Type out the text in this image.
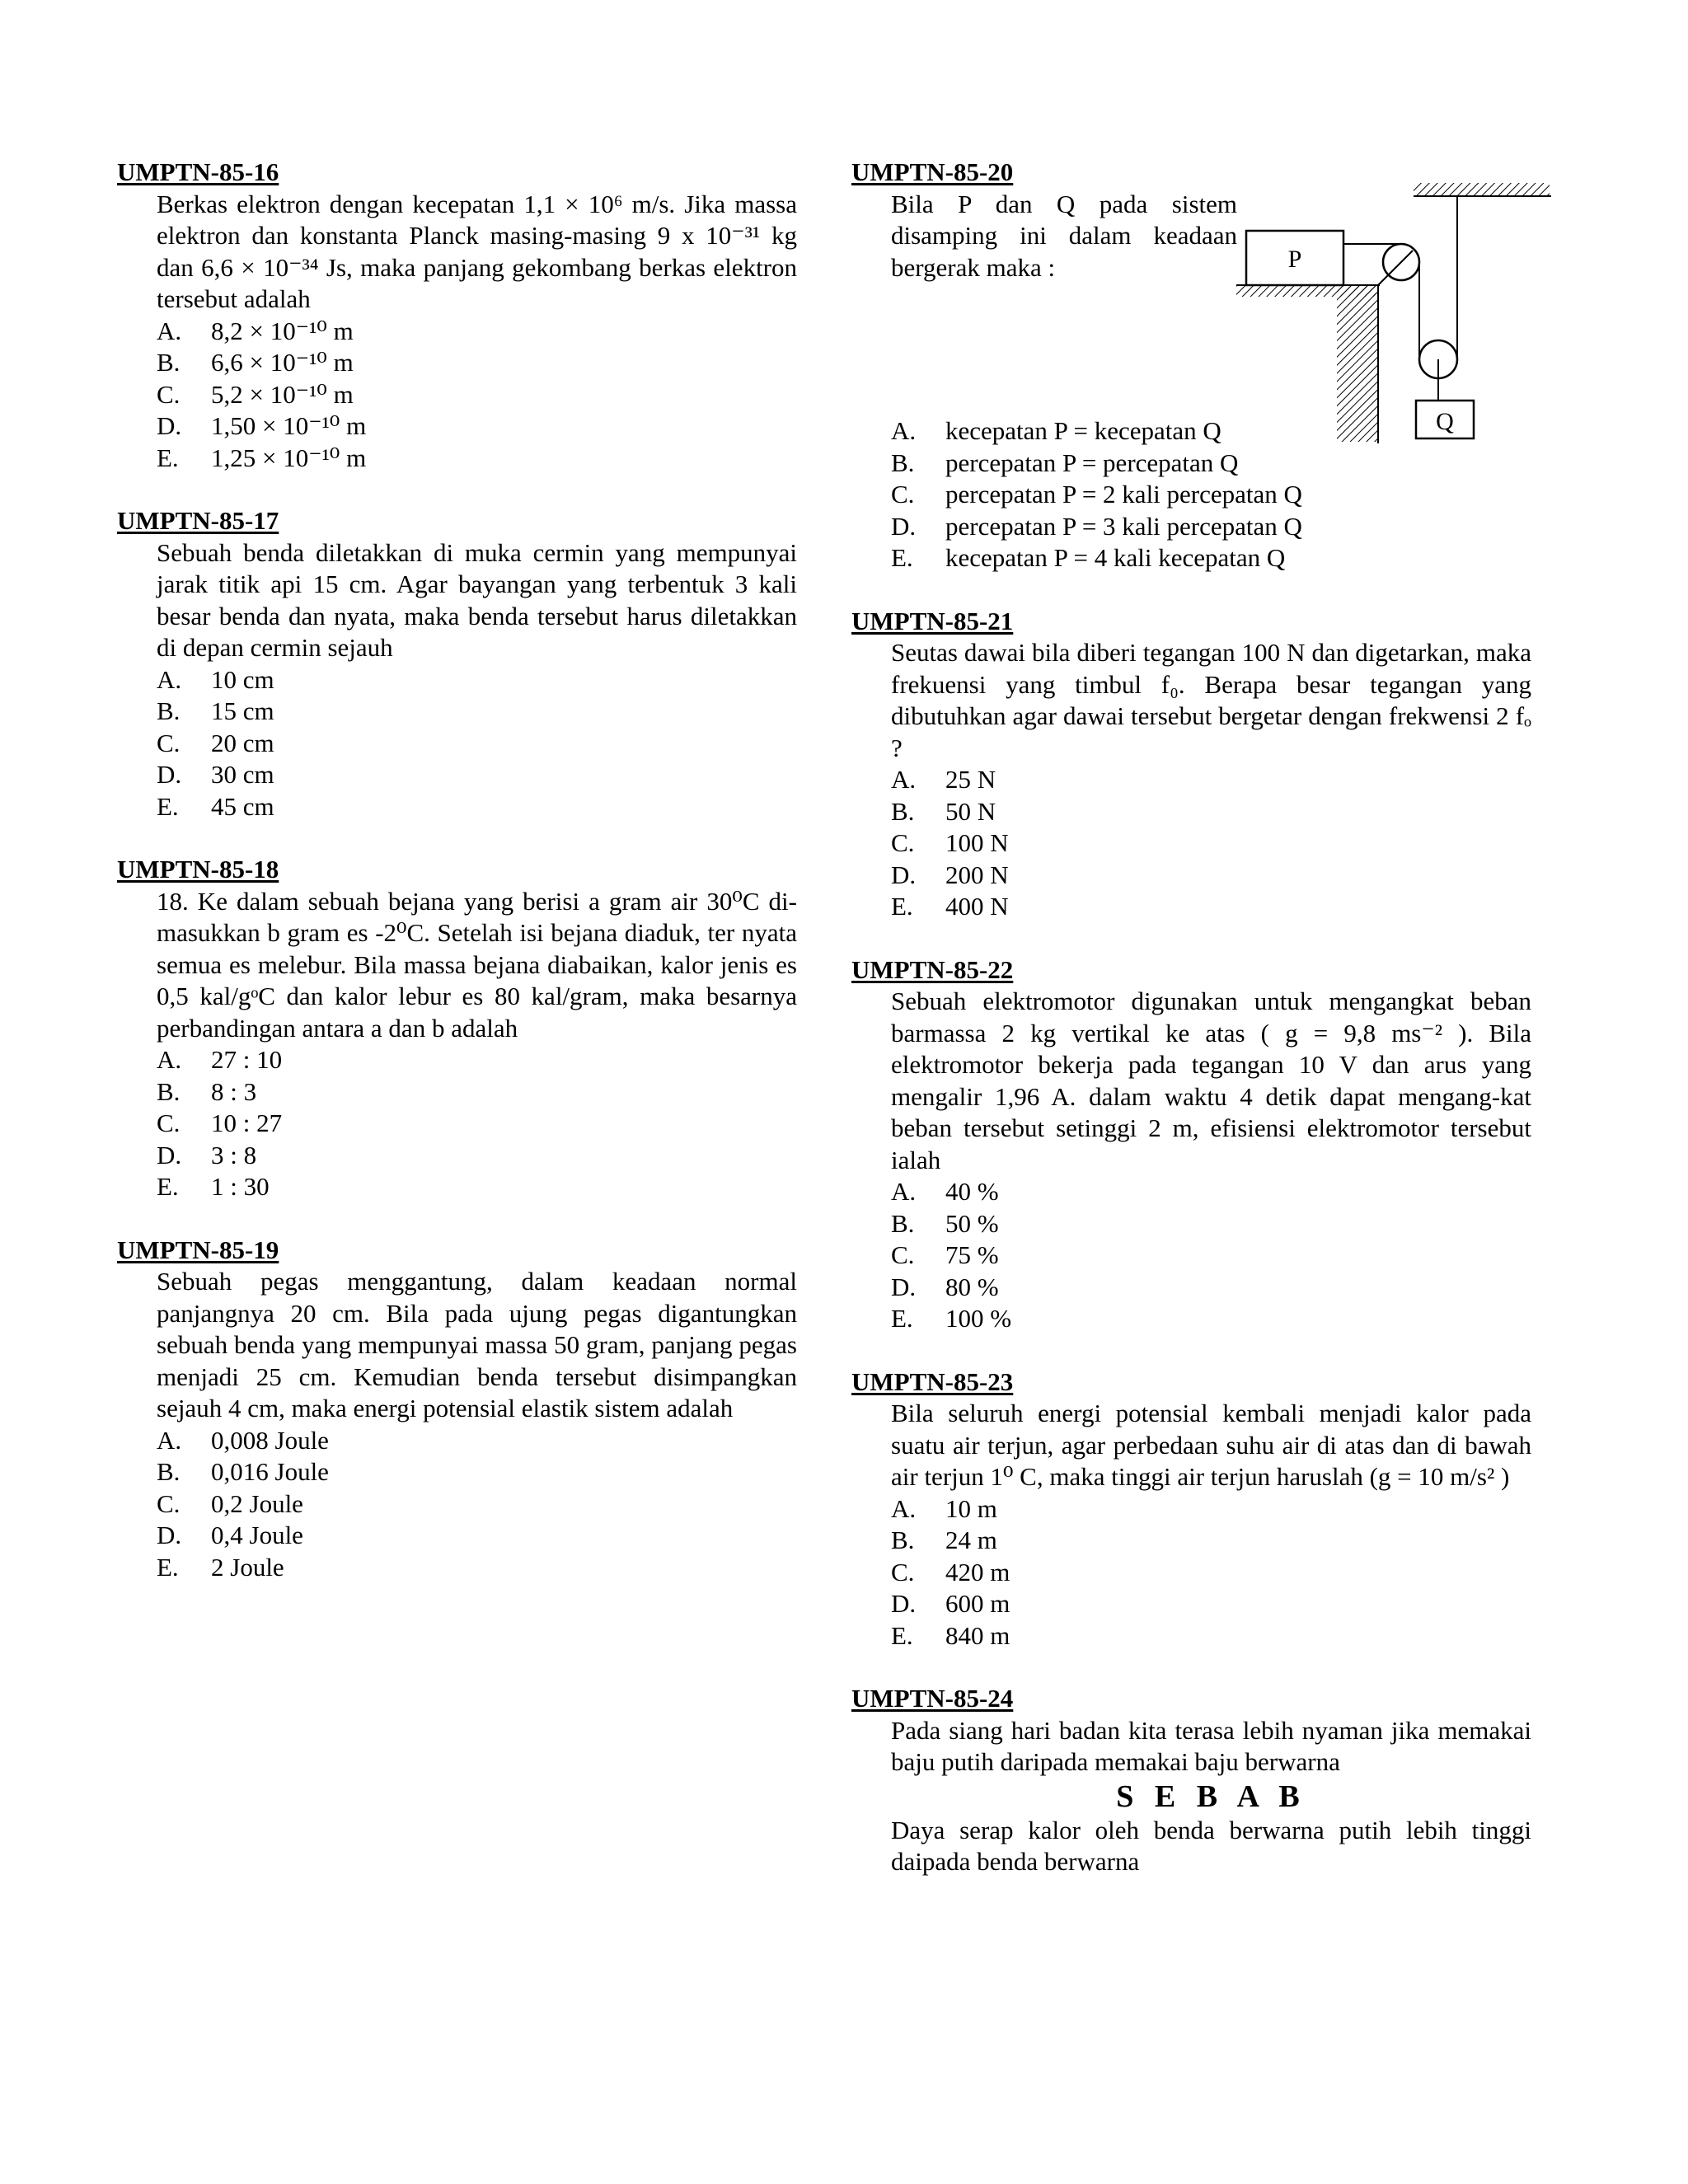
UMPTN-85-16
Berkas elektron dengan kecepatan 1,1 × 10⁶ m/s. Jika massa elektron dan konstanta Planck masing-masing 9 x 10⁻³¹ kg dan 6,6 × 10⁻³⁴ Js, maka panjang gekombang berkas elektron tersebut adalah
A.	8,2 × 10⁻¹⁰ m
B.	6,6 × 10⁻¹⁰ m
C.	5,2 × 10⁻¹⁰ m
D.	1,50 × 10⁻¹⁰ m
E.	1,25 × 10⁻¹⁰ m
UMPTN-85-17
Sebuah benda diletakkan di muka cermin yang mempunyai jarak titik api 15 cm. Agar bayangan yang terbentuk 3 kali besar benda dan nyata, maka benda tersebut harus diletakkan di depan cermin sejauh
A.	10 cm
B.	15 cm
C.	20 cm
D.	30 cm
E.	45 cm
UMPTN-85-18
18. Ke dalam sebuah bejana yang berisi a gram air 30⁰C di-masukkan b gram es -2⁰C. Setelah isi bejana diaduk, ter nyata semua es melebur. Bila massa bejana diabaikan, kalor jenis es 0,5 kal/gᵒC dan kalor lebur es 80 kal/gram, maka besarnya perbandingan antara a dan b adalah
A.	27 : 10
B.	8 : 3
C.	10 : 27
D.	3 : 8
E.	1 : 30
UMPTN-85-19
Sebuah pegas menggantung, dalam keadaan normal panjangnya 20 cm. Bila pada ujung pegas digantungkan sebuah benda yang mempunyai massa 50 gram, panjang pegas menjadi 25 cm. Kemudian benda tersebut disimpangkan sejauh 4 cm, maka energi potensial elastik sistem adalah
A.	0,008 Joule
B.	0,016 Joule
C.	0,2 Joule
D.	0,4 Joule
E.	2 Joule
UMPTN-85-20
Bila P dan Q pada sistem disamping ini dalam keadaan bergerak maka :
A.	kecepatan P = kecepatan Q
B.	percepatan P = percepatan Q
C.	percepatan P = 2 kali percepatan Q
D.	percepatan P = 3 kali percepatan Q
E.	kecepatan P = 4 kali kecepatan Q
UMPTN-85-21
Seutas dawai bila diberi tegangan 100 N dan digetarkan, maka frekuensi yang timbul f₀. Berapa besar tegangan yang dibutuhkan agar dawai tersebut bergetar dengan frekwensi 2 fₒ ?
A.	25 N
B.	50 N
C.	100 N
D.	200 N
E.	400 N
UMPTN-85-22
Sebuah elektromotor digunakan untuk mengangkat beban barmassa 2 kg vertikal ke atas ( g = 9,8 ms⁻² ). Bila elektromotor bekerja pada tegangan 10 V dan arus yang mengalir 1,96 A. dalam waktu 4 detik dapat mengang-kat beban tersebut setinggi 2 m, efisiensi elektromotor tersebut ialah
A.	40 %
B.	50 %
C.	75 %
D.	80 %
E.	100 %
UMPTN-85-23
Bila seluruh energi potensial kembali menjadi kalor pada suatu air terjun, agar perbedaan suhu air di atas dan di bawah air terjun 1⁰ C, maka tinggi air terjun haruslah (g = 10 m/s² )
A.	10 m
B.	24 m
C.	420 m
D.	600 m
E.	840 m
UMPTN-85-24
Pada siang hari badan kita terasa lebih nyaman jika memakai baju putih daripada memakai baju berwarna
S E B A B
Daya serap kalor oleh benda berwarna putih lebih tinggi daipada benda berwarna
P
Q
